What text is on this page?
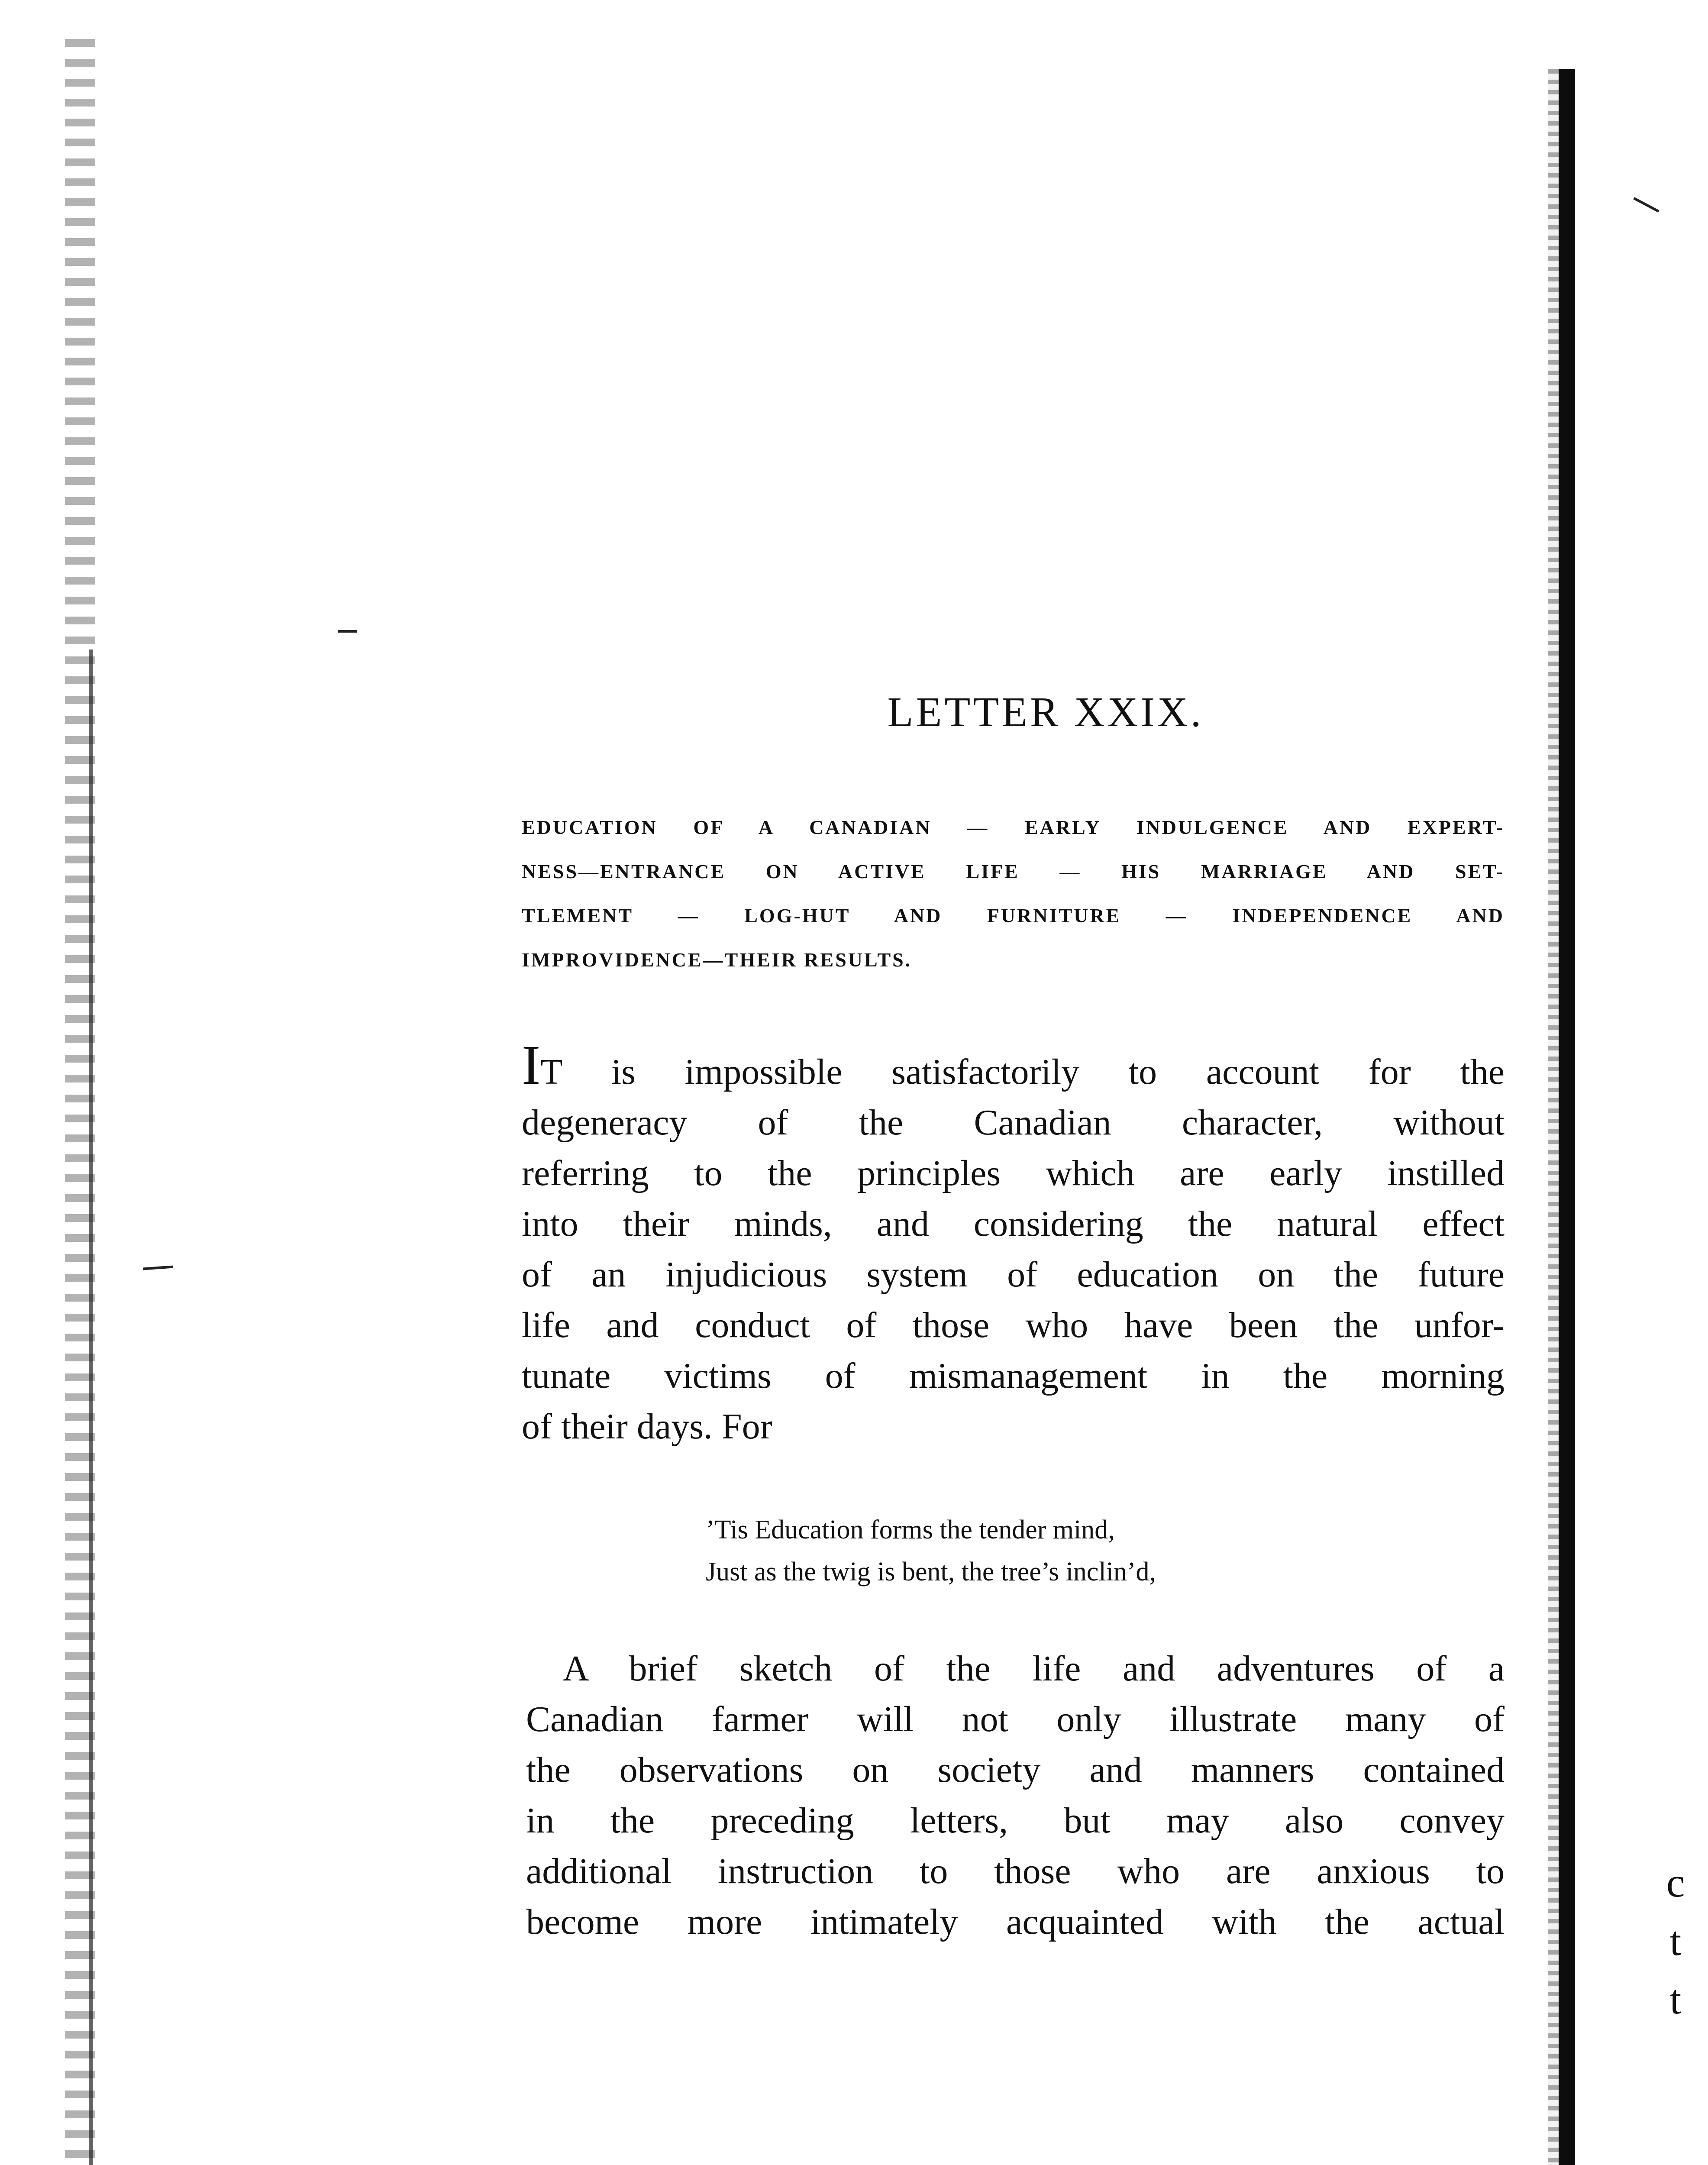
c
t
t
LETTER XXIX.
EDUCATION OF A CANADIAN — EARLY INDULGENCE AND EXPERT-
NESS—ENTRANCE ON ACTIVE LIFE — HIS MARRIAGE AND SET-
TLEMENT — LOG-HUT AND FURNITURE — INDEPENDENCE AND
IMPROVIDENCE—THEIR RESULTS.
IT is impossible satisfactorily to account for the
degeneracy of the Canadian character, without
referring to the principles which are early instilled
into their minds, and considering the natural effect
of an injudicious system of education on the future
life and conduct of those who have been the unfor-
tunate victims of mismanagement in the morning
of their days. For
’Tis Education forms the tender mind,
Just as the twig is bent, the tree’s inclin’d,
A brief sketch of the life and adventures of a
Canadian farmer will not only illustrate many of
the observations on society and manners contained
in the preceding letters, but may also convey
additional instruction to those who are anxious to
become more intimately acquainted with the actual
